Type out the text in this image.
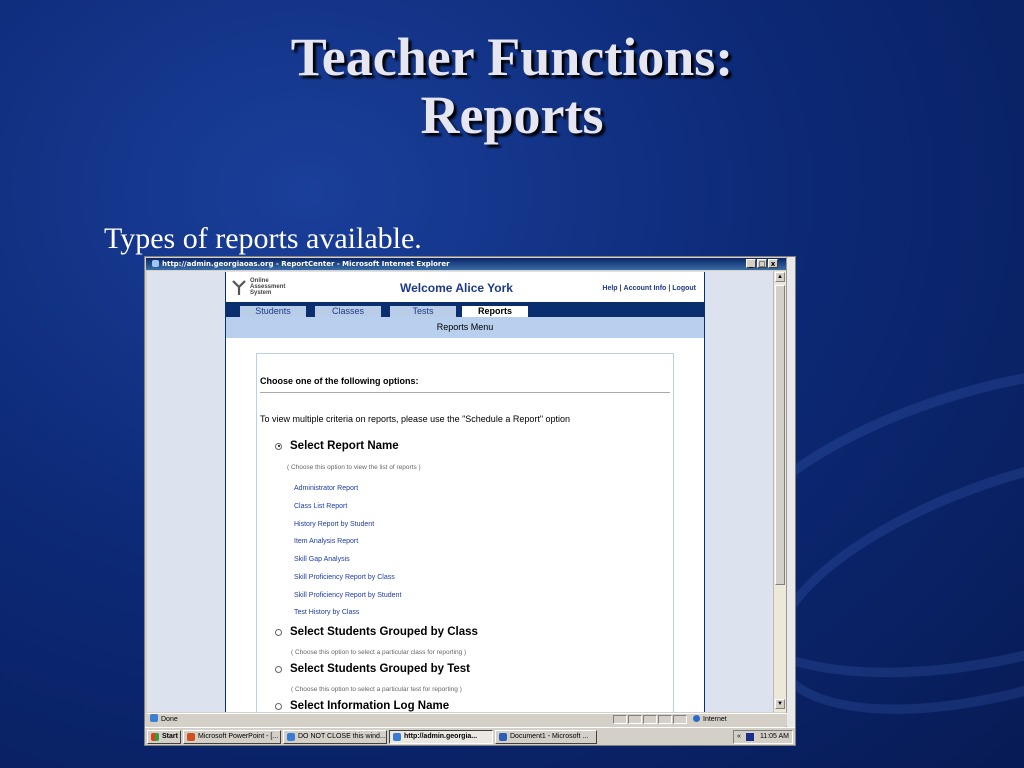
Teacher Functions:
Reports
Types of reports available.
http://admin.georgiaoas.org - ReportCenter - Microsoft Internet Explorer	_ □ x
Online
Assessment
System	Welcome Alice York	Help | Account Info | Logout
Students	Classes	Tests	Reports
Reports Menu
Choose one of the following options:
To view multiple criteria on reports, please use the "Schedule a Report" option
Select Report Name
( Choose this option to view the list of reports )
Administrator Report
Class List Report
History Report by Student
Item Analysis Report
Skill Gap Analysis
Skill Proficiency Report by Class
Skill Proficiency Report by Student
Test History by Class
Select Students Grouped by Class
( Choose this option to select a particular class for reporting )
Select Students Grouped by Test
( Choose this option to select a particular test for reporting )
Select Information Log Name
▲
▼
Done	Internet
Start	Microsoft PowerPoint - [...	DO NOT CLOSE this wind...	http://admin.georgia...	Document1 - Microsoft ...	«	11:05 AM
